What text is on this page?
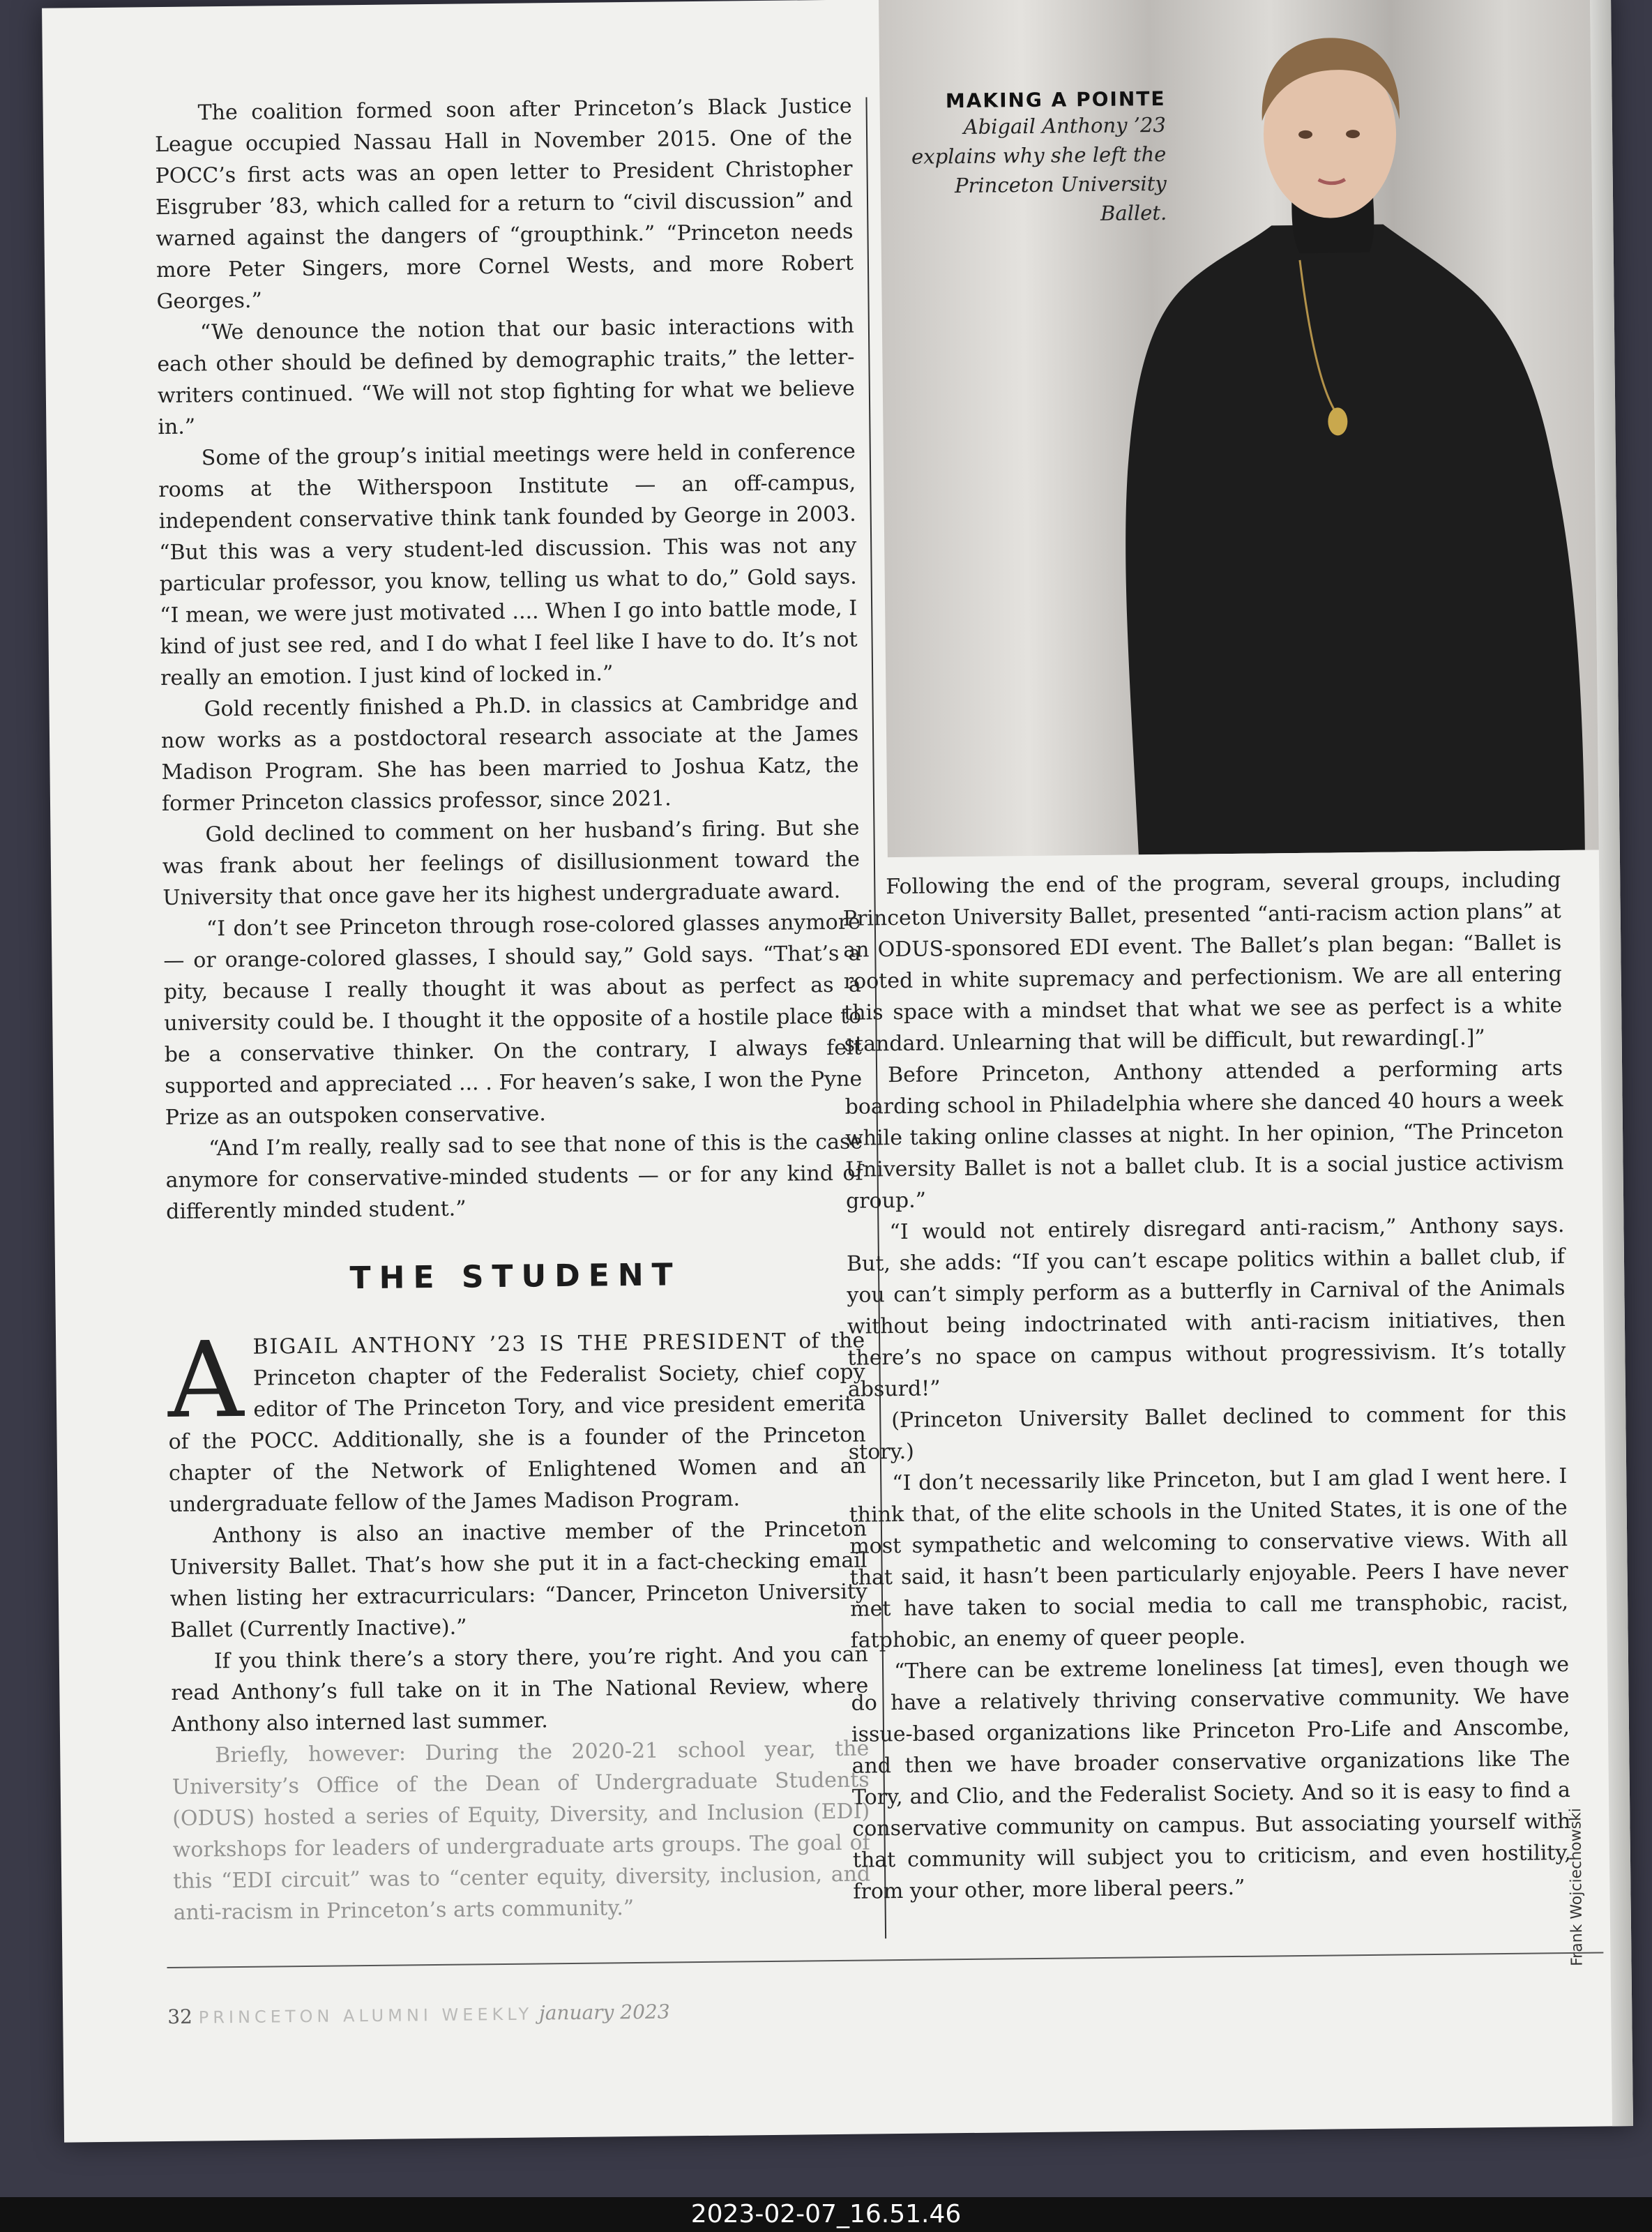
MAKING A POINTE
Abigail Anthony ’23 explains why she left the Princeton University Ballet.

The coalition formed soon after Princeton’s Black Justice League occupied Nassau Hall in November 2015. One of the POCC’s first acts was an open letter to President Christopher Eisgruber ’83, which called for a return to “civil discussion” and warned against the dangers of “groupthink.” “Princeton needs more Peter Singers, more Cornel Wests, and more Robert Georges.”

“We denounce the notion that our basic interactions with each other should be defined by demographic traits,” the letter-writers continued. “We will not stop fighting for what we believe in.”

Some of the group’s initial meetings were held in conference rooms at the Witherspoon Institute — an off-campus, independent conservative think tank founded by George in 2003. “But this was a very student-led discussion. This was not any particular professor, you know, telling us what to do,” Gold says. “I mean, we were just motivated .... When I go into battle mode, I kind of just see red, and I do what I feel like I have to do. It’s not really an emotion. I just kind of locked in.”

Gold recently finished a Ph.D. in classics at Cambridge and now works as a postdoctoral research associate at the James Madison Program. She has been married to Joshua Katz, the former Princeton classics professor, since 2021.

Gold declined to comment on her husband’s firing. But she was frank about her feelings of disillusionment toward the University that once gave her its highest undergraduate award.

“I don’t see Princeton through rose-colored glasses anymore — or orange-colored glasses, I should say,” Gold says. “That’s a pity, because I really thought it was about as perfect as a university could be. I thought it the opposite of a hostile place to be a conservative thinker. On the contrary, I always felt supported and appreciated ... . For heaven’s sake, I won the Pyne Prize as an outspoken conservative.

“And I’m really, really sad to see that none of this is the case anymore for conservative-minded students — or for any kind of differently minded student.”

THE STUDENT

ABIGAIL ANTHONY ’23 IS THE PRESIDENT of the Princeton chapter of the Federalist Society, chief copy editor of The Princeton Tory, and vice president emerita of the POCC. Additionally, she is a founder of the Princeton chapter of the Network of Enlightened Women and an undergraduate fellow of the James Madison Program.

Anthony is also an inactive member of the Princeton University Ballet. That’s how she put it in a fact-checking email when listing her extracurriculars: “Dancer, Princeton University Ballet (Currently Inactive).”

If you think there’s a story there, you’re right. And you can read Anthony’s full take on it in The National Review, where Anthony also interned last summer.

Briefly, however: During the 2020-21 school year, the University’s Office of the Dean of Undergraduate Students (ODUS) hosted a series of Equity, Diversity, and Inclusion (EDI) workshops for leaders of undergraduate arts groups. The goal of this “EDI circuit” was to “center equity, diversity, inclusion, and anti-racism in Princeton’s arts community.”

Following the end of the program, several groups, including Princeton University Ballet, presented “anti-racism action plans” at an ODUS-sponsored EDI event. The Ballet’s plan began: “Ballet is rooted in white supremacy and perfectionism. We are all entering this space with a mindset that what we see as perfect is a white standard. Unlearning that will be difficult, but rewarding[.]”

Before Princeton, Anthony attended a performing arts boarding school in Philadelphia where she danced 40 hours a week while taking online classes at night. In her opinion, “The Princeton University Ballet is not a ballet club. It is a social justice activism group.”

“I would not entirely disregard anti-racism,” Anthony says. But, she adds: “If you can’t escape politics within a ballet club, if you can’t simply perform as a butterfly in Carnival of the Animals without being indoctrinated with anti-racism initiatives, then there’s no space on campus without progressivism. It’s totally absurd!”

(Princeton University Ballet declined to comment for this story.)

“I don’t necessarily like Princeton, but I am glad I went here. I think that, of the elite schools in the United States, it is one of the most sympathetic and welcoming to conservative views. With all that said, it hasn’t been particularly enjoyable. Peers I have never met have taken to social media to call me transphobic, racist, fatphobic, an enemy of queer people.

“There can be extreme loneliness [at times], even though we do have a relatively thriving conservative community. We have issue-based organizations like Princeton Pro-Life and Anscombe, and then we have broader conservative organizations like The Tory, and Clio, and the Federalist Society. And so it is easy to find a conservative community on campus. But associating yourself with that community will subject you to criticism, and even hostility, from your other, more liberal peers.”	Frank Wojciechowski
32 PRINCETON ALUMNI WEEKLY january 2023
2023-02-07_16.51.46
